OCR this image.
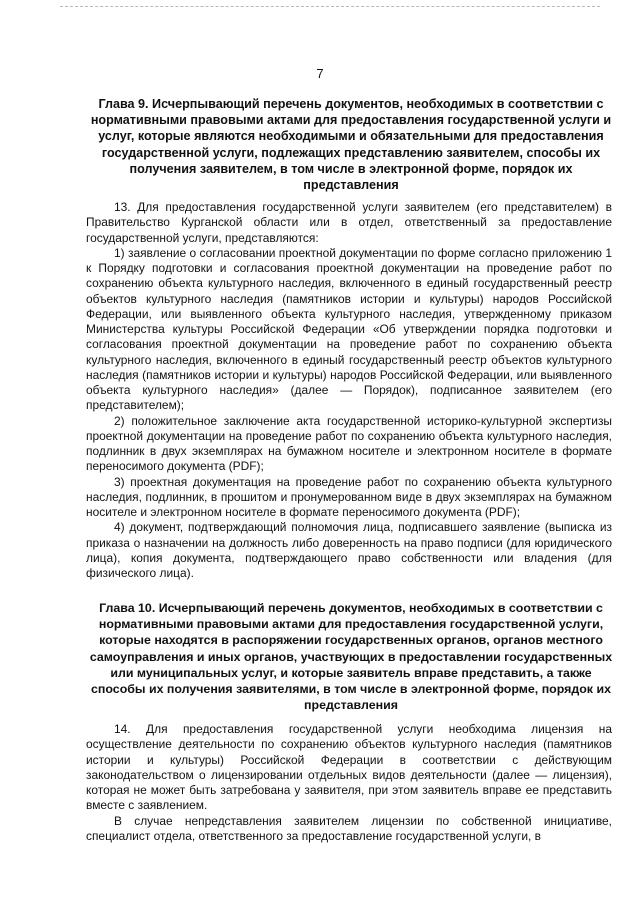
7
Глава 9. Исчерпывающий перечень документов, необходимых в соответствии с нормативными правовыми актами для предоставления государственной услуги и услуг, которые являются необходимыми и обязательными для предоставления государственной услуги, подлежащих представлению заявителем, способы их получения заявителем, в том числе в электронной форме, порядок их представления

13. Для предоставления государственной услуги заявителем (его представителем) в Правительство Курганской области или в отдел, ответственный за предоставление государственной услуги, представляются:

1) заявление о согласовании проектной документации по форме согласно приложению 1 к Порядку подготовки и согласования проектной документации на проведение работ по сохранению объекта культурного наследия, включенного в единый государственный реестр объектов культурного наследия (памятников истории и культуры) народов Российской Федерации, или выявленного объекта культурного наследия, утвержденному приказом Министерства культуры Российской Федерации «Об утверждении порядка подготовки и согласования проектной документации на проведение работ по сохранению объекта культурного наследия, включенного в единый государственный реестр объектов культурного наследия (памятников истории и культуры) народов Российской Федерации, или выявленного объекта культурного наследия» (далее — Порядок), подписанное заявителем (его представителем);

2) положительное заключение акта государственной историко-культурной экспертизы проектной документации на проведение работ по сохранению объекта культурного наследия, подлинник в двух экземплярах на бумажном носителе и электронном носителе в формате переносимого документа (PDF);

3) проектная документация на проведение работ по сохранению объекта культурного наследия, подлинник, в прошитом и пронумерованном виде в двух экземплярах на бумажном носителе и электронном носителе в формате переносимого документа (PDF);

4) документ, подтверждающий полномочия лица, подписавшего заявление (выписка из приказа о назначении на должность либо доверенность на право подписи (для юридического лица), копия документа, подтверждающего право собственности или владения (для физического лица).

Глава 10. Исчерпывающий перечень документов, необходимых в соответствии с нормативными правовыми актами для предоставления государственной услуги, которые находятся в распоряжении государственных органов, органов местного самоуправления и иных органов, участвующих в предоставлении государственных или муниципальных услуг, и которые заявитель вправе представить, а также способы их получения заявителями, в том числе в электронной форме, порядок их представления

14. Для предоставления государственной услуги необходима лицензия на осуществление деятельности по сохранению объектов культурного наследия (памятников истории и культуры) Российской Федерации в соответствии с действующим законодательством о лицензировании отдельных видов деятельности (далее — лицензия), которая не может быть затребована у заявителя, при этом заявитель вправе ее представить вместе с заявлением.

В случае непредставления заявителем лицензии по собственной инициативе, специалист отдела, ответственного за предоставление государственной услуги, в
